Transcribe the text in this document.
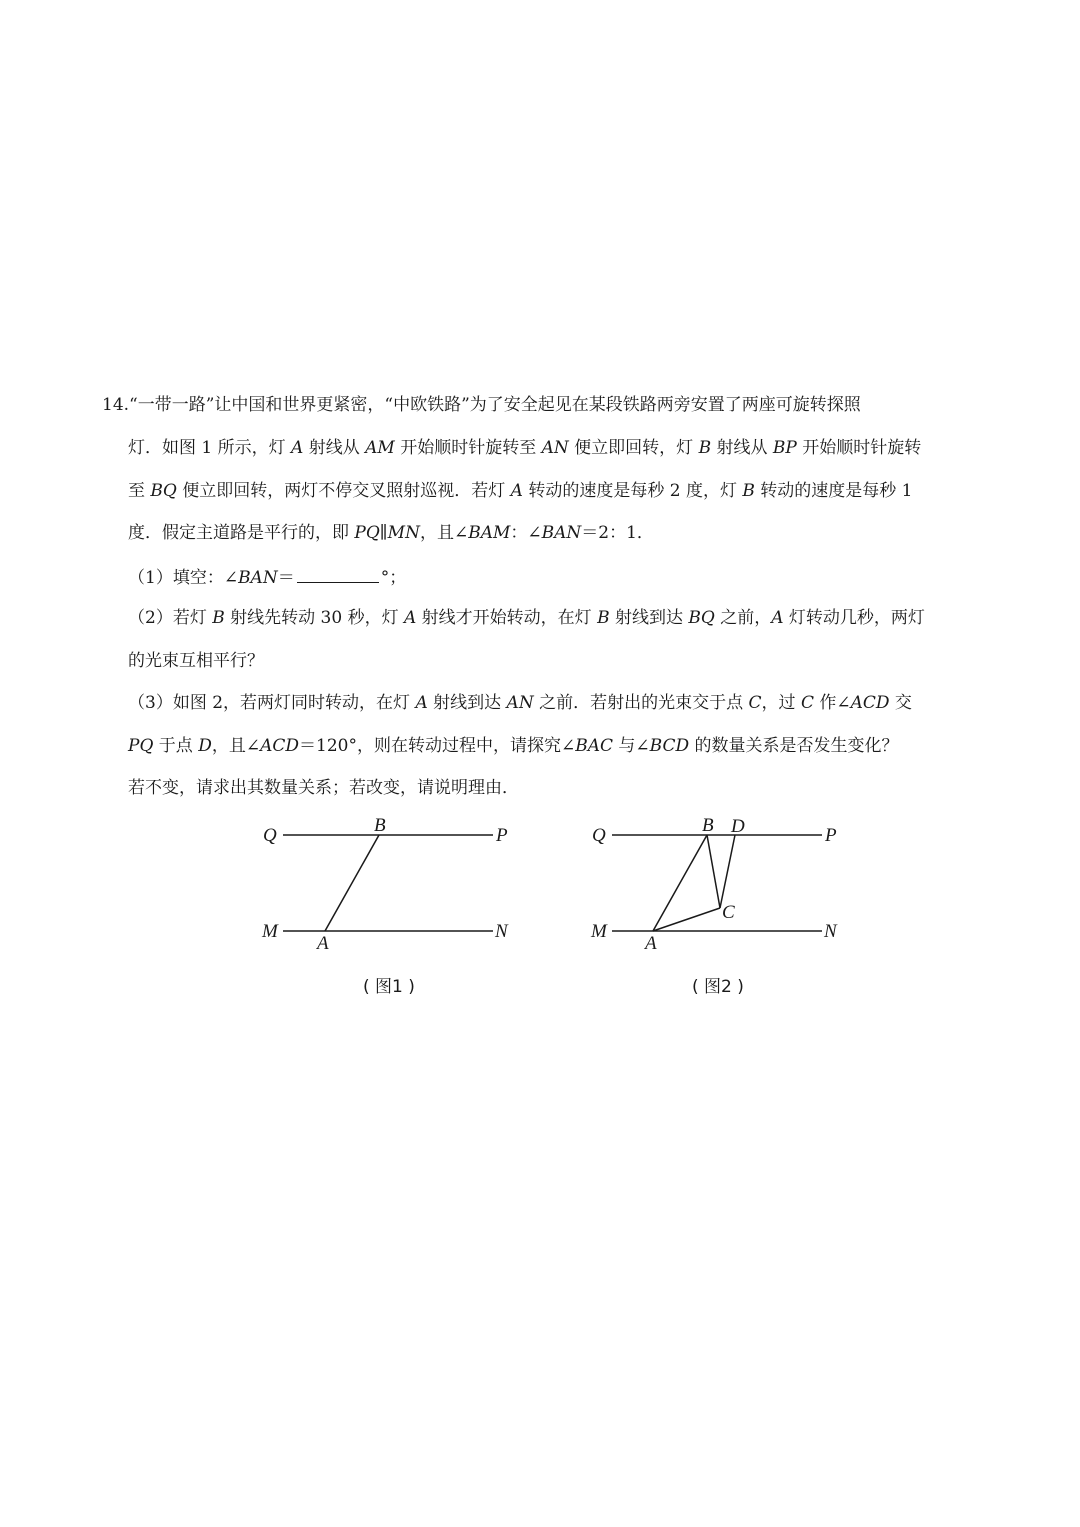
14.“一带一路”让中国和世界更紧密，“中欧铁路”为了安全起见在某段铁路两旁安置了两座可旋转探照
灯．如图 1 所示，灯 A 射线从 AM 开始顺时针旋转至 AN 便立即回转，灯 B 射线从 BP 开始顺时针旋转
至 BQ 便立即回转，两灯不停交叉照射巡视．若灯 A 转动的速度是每秒 2 度，灯 B 转动的速度是每秒 1
度．假定主道路是平行的，即 PQ∥MN，且∠BAM：∠BAN＝2：1．
（1）填空：∠BAN＝	°；
（2）若灯 B 射线先转动 30 秒，灯 A 射线才开始转动，在灯 B 射线到达 BQ 之前，A 灯转动几秒，两灯
的光束互相平行？
（3）如图 2，若两灯同时转动，在灯 A 射线到达 AN 之前．若射出的光束交于点 C，过 C 作∠ACD 交
PQ 于点 D，且∠ACD＝120°，则在转动过程中，请探究∠BAC 与∠BCD 的数量关系是否发生变化？
若不变，请求出其数量关系；若改变，请说明理由．
Q	B	P
M
A
N
( 图1 )
Q	B D	P
C
M
A
N
( 图2 )
